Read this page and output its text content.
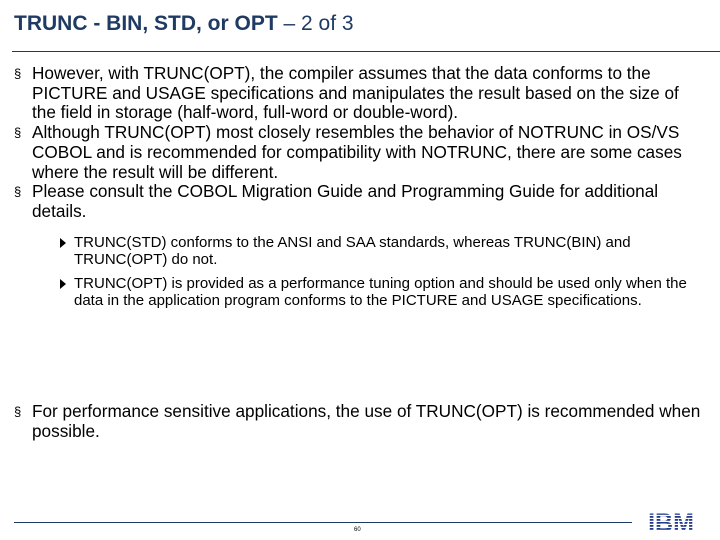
TRUNC - BIN, STD, or OPT – 2 of 3

§ However, with TRUNC(OPT), the compiler assumes that the data conforms to the PICTURE and USAGE specifications and manipulates the result based on the size of the field in storage (half-word, full-word or double-word).

§ Although TRUNC(OPT) most closely resembles the behavior of NOTRUNC in OS/VS COBOL and is recommended for compatibility with NOTRUNC, there are some cases where the result will be different.

§ Please consult the COBOL Migration Guide and Programming Guide for additional details.

TRUNC(STD) conforms to the ANSI and SAA standards, whereas TRUNC(BIN) and TRUNC(OPT) do not.

TRUNC(OPT) is provided as a performance tuning option and should be used only when the data in the application program conforms to the PICTURE and USAGE specifications.

§ For performance sensitive applications, the use of TRUNC(OPT) is recommended when possible.

60
